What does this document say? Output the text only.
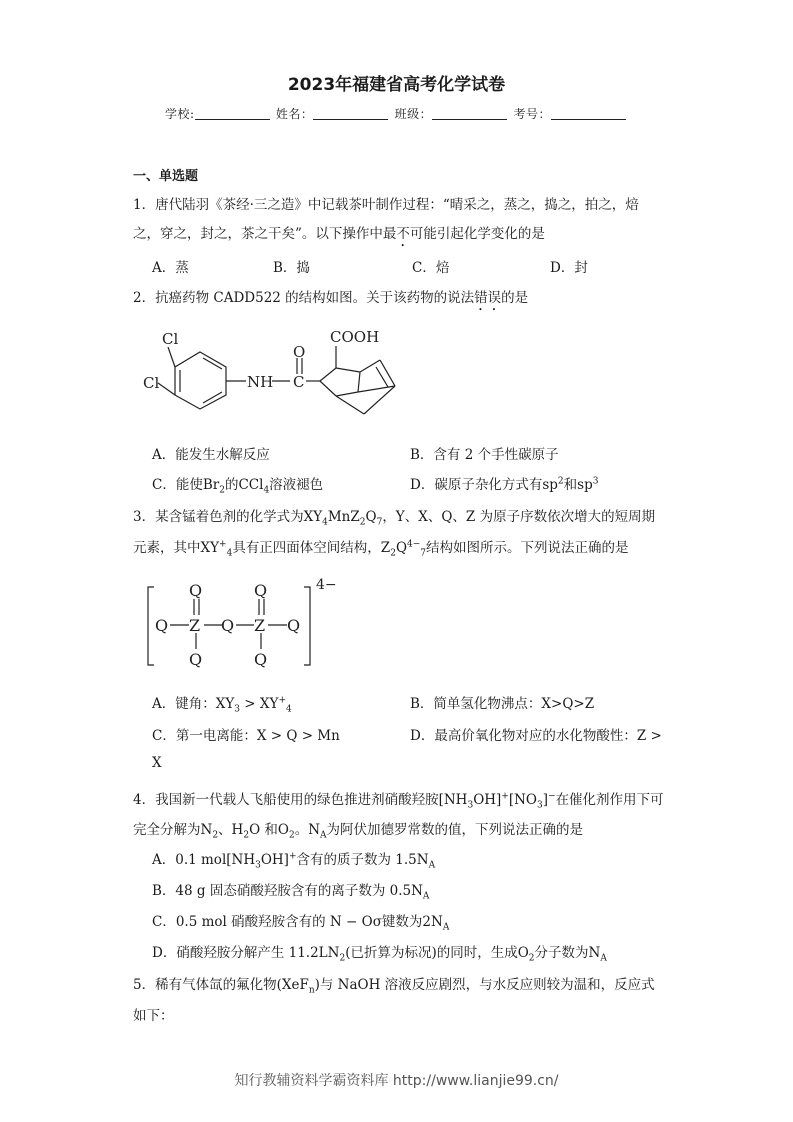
2023年福建省高考化学试卷
学校:	姓名：	班级：	考号：
一、单选题
1．唐代陆羽《茶经·三之造》中记载茶叶制作过程：“晴采之，蒸之，捣之，拍之，焙
之，穿之，封之，茶之干矣”。以下操作中最不可能引起化学变化的是
A．蒸	B．捣	C．焙	D．封
2．抗癌药物 CADD522 的结构如图。关于该药物的说法错误的是
Cl
Cl	NH C
O
COOH
A．能发生水解反应	B．含有 2 个手性碳原子
C．能使$Br_2$的CCl$_4$溶液褪色	D．碳原子杂化方式有$sp^2$和$sp^3$
3．某含锰着色剂的化学式为$XY_4MnZ_2Q_7$，Y、X、Q、Z 为原子序数依次增大的短周期
元素，其中$XY^+_4$具有正四面体空间结构，$Z_2Q^{4-}_7$结构如图所示。下列说法正确的是
Q Z Q Z Q
Q	Q
Q	Q
4−
A．键角：$XY_3 > XY^+_4$	B．简单氢化物沸点：X>Q>Z
C．第一电离能：X > Q > Mn	D．最高价氧化物对应的水化物酸性：Z >
X
4．我国新一代载人飞船使用的绿色推进剂硝酸羟胺$[NH_3OH]^+[NO_3]^-$在催化剂作用下可
完全分解为$N_2$、$H_2O$ 和$O_2$。$N_A$为阿伏加德罗常数的值，下列说法正确的是
A．0.1 $mol[NH_3OH]^+$含有的质子数为 $1.5N_A$
B．48 g 固态硝酸羟胺含有的离子数为 $0.5N_A$
C．0.5 mol 硝酸羟胺含有的 N − Oσ键数为$2N_A$
D．硝酸羟胺分解产生 $11.2LN_2$(已折算为标况)的同时，生成$O_2$分子数为$N_A$
5．稀有气体氙的氟化物(XeF$_n$)与 NaOH 溶液反应剧烈，与水反应则较为温和，反应式
如下：
知行教辅资料学霸资料库 http://www.lianjie99.cn/
